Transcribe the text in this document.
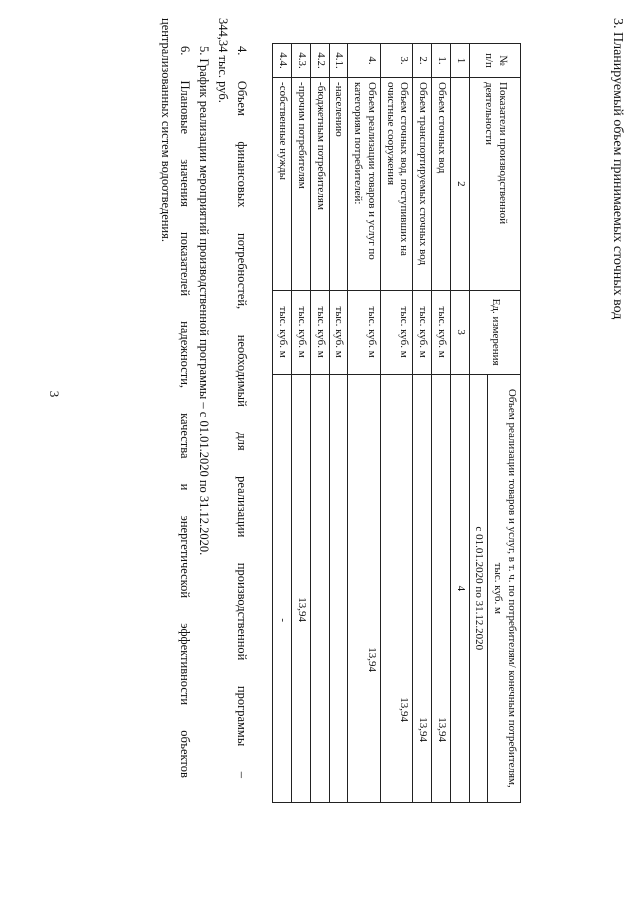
3
3. Планируемый объем принимаемых сточных вод
№
п/п	Показатели производственной деятельности	Ед. измерения	Объем реализации товаров и услуг, в т. ч. по потребителям/ конечным потребителям, тыс. куб. м
			с 01.01.2020 по 31.12.2020
1	2	3	4
1.	Объем сточных вод	тыс. куб. м	13,94
2.	Объем транспортируемых сточных вод	тыс. куб. м	13,94
3.	Объем сточных вод, поступивших на очистные сооружения	тыс. куб. м	13,94
4.	Объем реализации товаров и услуг по категориям потребителей:	тыс. куб. м	13,94
4.1.	-населению	тыс. куб. м	
4.2.	-бюджетным потребителям	тыс. куб. м	
4.3.	-прочим потребителям	тыс. куб. м	13,94
4.4.	-собственные нужды	тыс. куб. м	-

4.
Объем
финансовых
потребностей,
необходимый
для
реализации
производственной
программы
–

344,34 тыс. руб.

5. График реализации мероприятий производственной программы – с 01.01.2020 по 31.12.2020.

6.
Плановые
значения
показателей
надежности,
качества
и
энергетической
эффективности
объектов

централизованных систем водоотведения.
